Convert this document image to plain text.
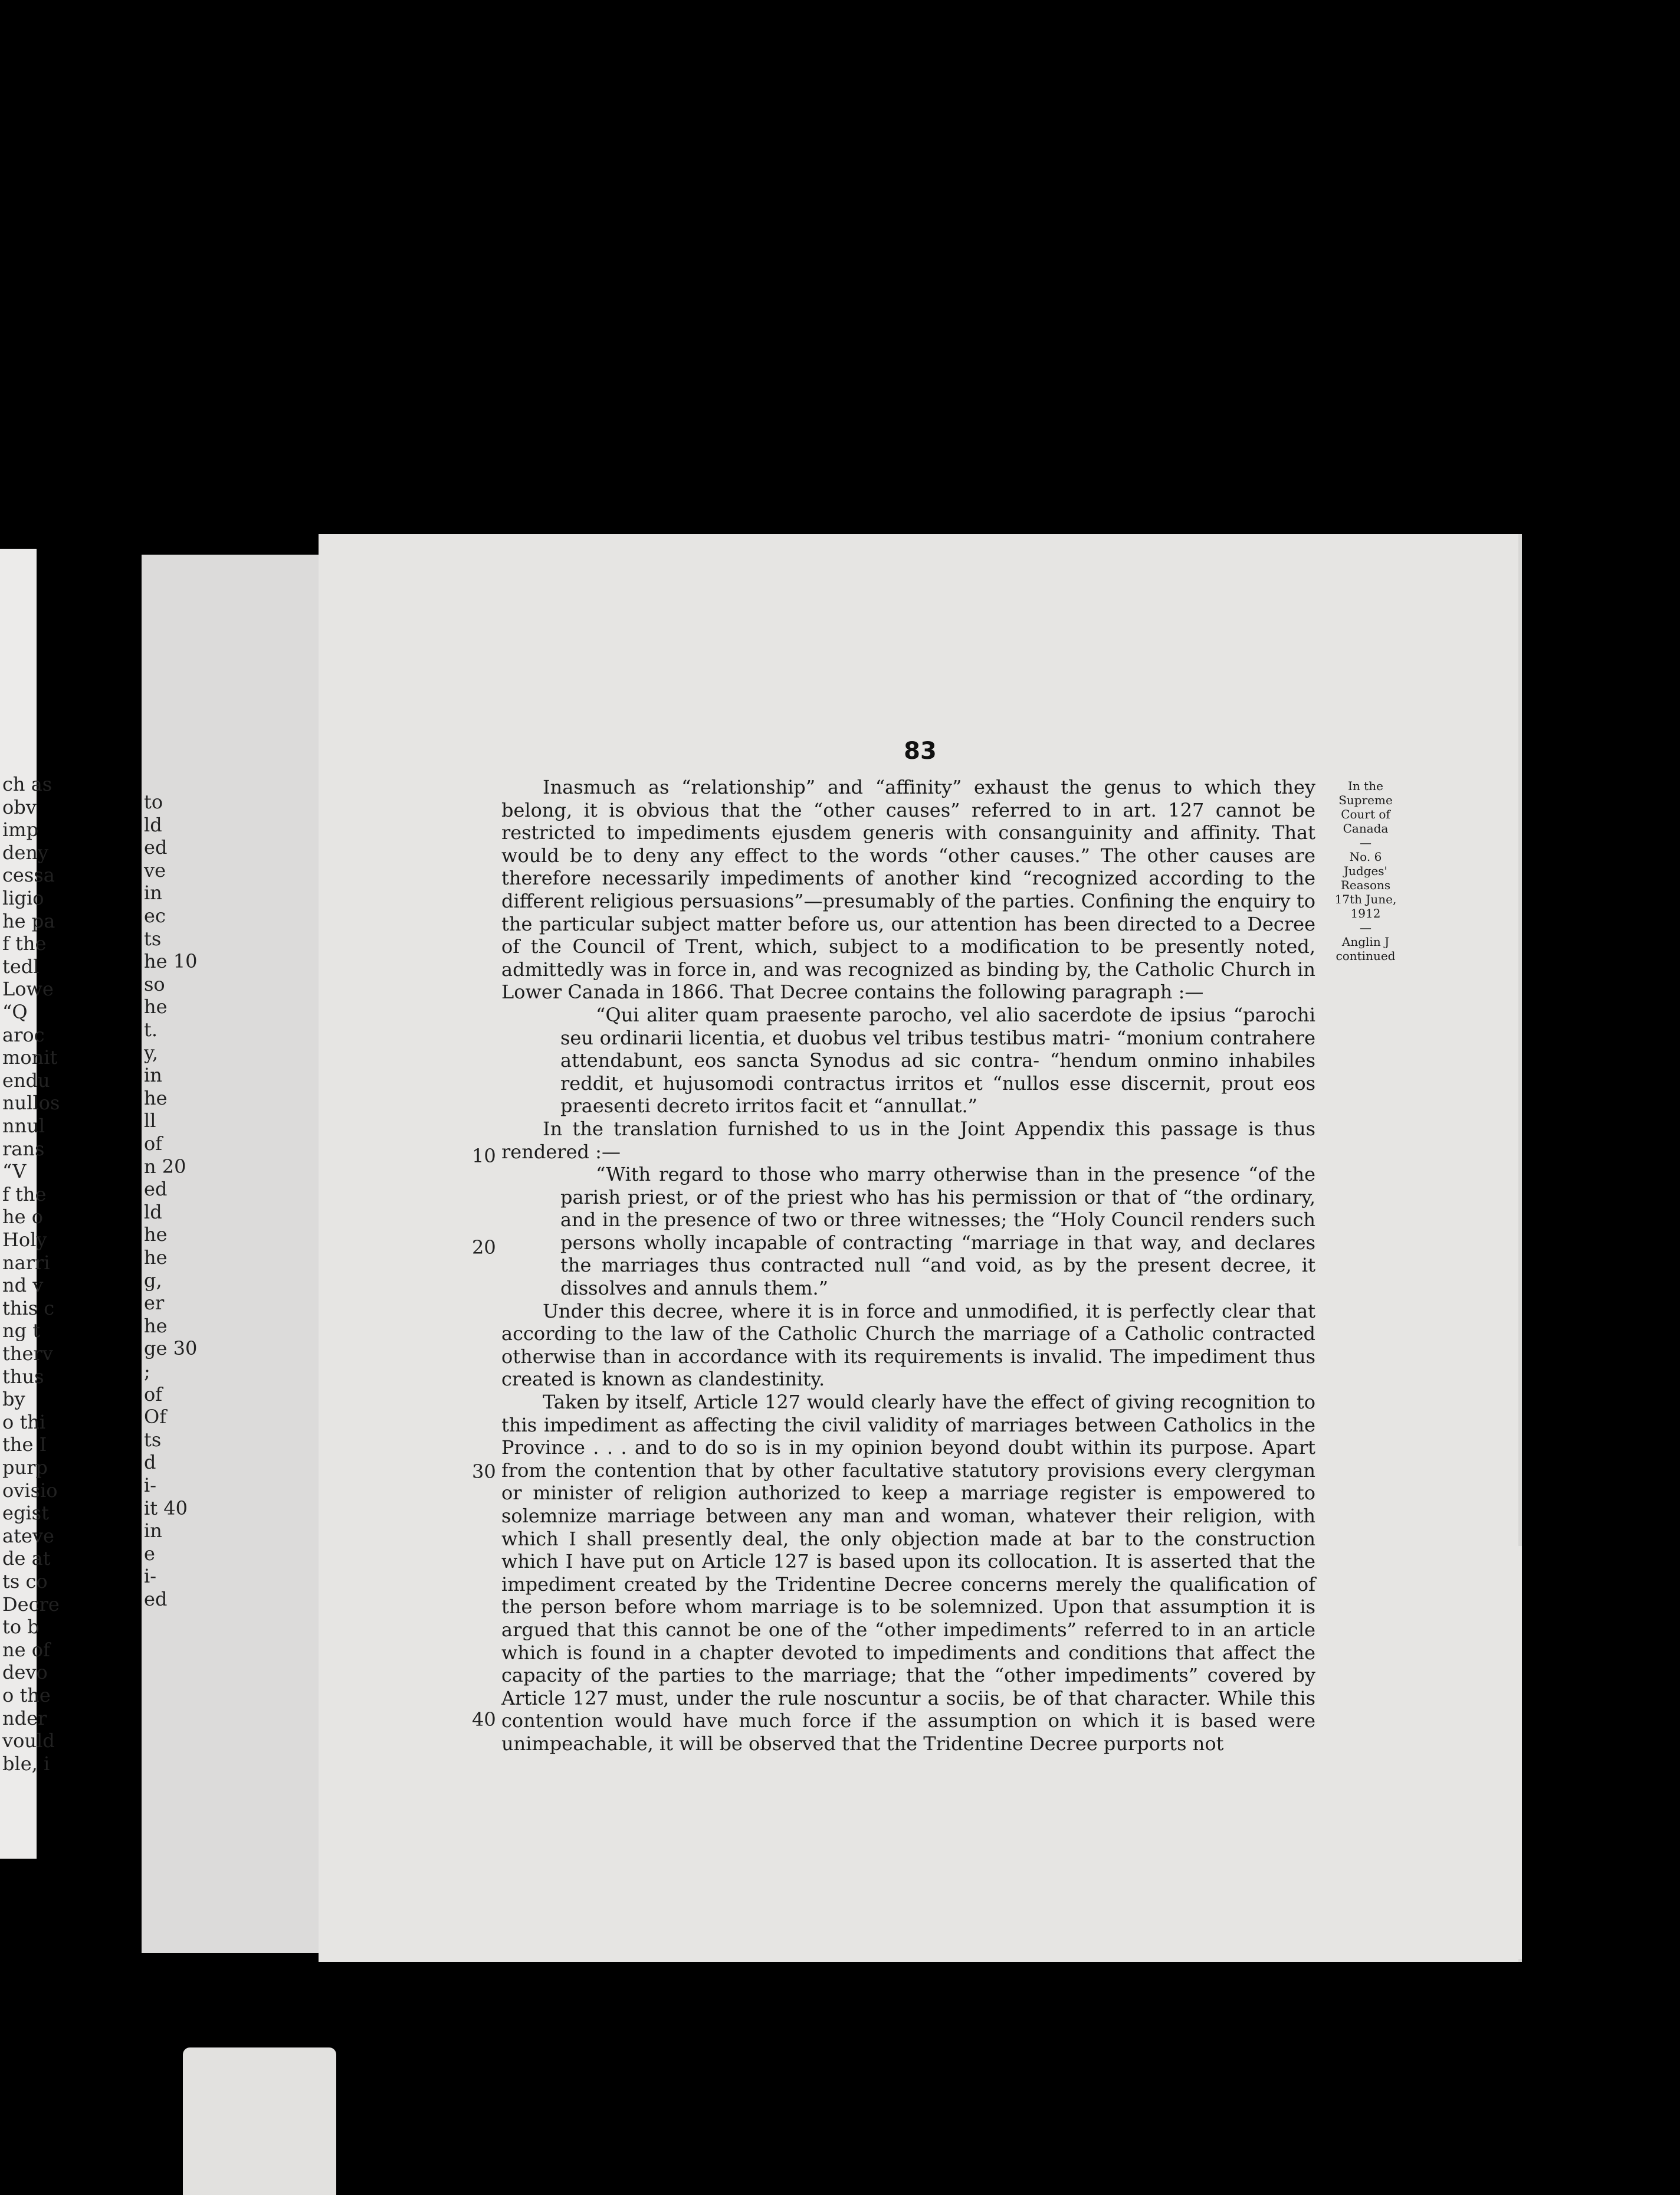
ch as
obv
imp
deny
cessa
ligio
he pa
f the
tedl
Lowe
“Q
aroc
monit
endu
nullos
nnul
rans
“V
f the
he o
Holy
narri
nd v
this c
ng t
therv
thus
by
o thi
the I
purp
ovisio
egist
ateve
de at
ts co
Decre
to b
ne of
devo
o the
nder
vould
ble, i
to
ld
ed
ve
in
ec
ts
he 10
so
he
t.
y,
in
he
ll
of
n 20
ed
ld
he
he
g,
er
he
ge 30
;
of
Of
ts
d
i-
it 40
in
e
i-
ed
83
In the Supreme Court of Canada
—
No. 6
Judges' Reasons
17th June, 1912
—
Anglin J
continued
10
20
30
40

Inasmuch as “relationship” and “affinity” exhaust the genus to which they belong, it is obvious that the “other causes” referred to in art. 127 cannot be restricted to impediments ejusdem generis with consanguinity and affinity. That would be to deny any effect to the words “other causes.” The other causes are therefore necessarily impediments of another kind “recognized according to the different religious persuasions”—presumably of the parties. Confining the enquiry to the particular subject matter before us, our attention has been directed to a Decree of the Council of Trent, which, subject to a modification to be presently noted, admittedly was in force in, and was recognized as binding by, the Catholic Church in Lower Canada in 1866. That Decree contains the following paragraph :—

“Qui aliter quam praesente parocho, vel alio sacerdote de ipsius “parochi seu ordinarii licentia, et duobus vel tribus testibus matri- “monium contrahere attendabunt, eos sancta Synodus ad sic contra- “hendum onmino inhabiles reddit, et hujusomodi contractus irritos et “nullos esse discernit, prout eos praesenti decreto irritos facit et “annullat.”

In the translation furnished to us in the Joint Appendix this passage is thus rendered :—

“With regard to those who marry otherwise than in the presence “of the parish priest, or of the priest who has his permission or that of “the ordinary, and in the presence of two or three witnesses; the “Holy Council renders such persons wholly incapable of contracting “marriage in that way, and declares the marriages thus contracted null “and void, as by the present decree, it dissolves and annuls them.”

Under this decree, where it is in force and unmodified, it is perfectly clear that according to the law of the Catholic Church the marriage of a Catholic contracted otherwise than in accordance with its requirements is invalid. The impediment thus created is known as clandestinity.

Taken by itself, Article 127 would clearly have the effect of giving recognition to this impediment as affecting the civil validity of marriages between Catholics in the Province . . . and to do so is in my opinion beyond doubt within its purpose. Apart from the contention that by other facultative statutory provisions every clergyman or minister of religion authorized to keep a marriage register is empowered to solemnize marriage between any man and woman, whatever their religion, with which I shall presently deal, the only objection made at bar to the construction which I have put on Article 127 is based upon its collocation. It is asserted that the impediment created by the Tridentine Decree concerns merely the qualification of the person before whom marriage is to be solemnized. Upon that assumption it is argued that this cannot be one of the “other impediments” referred to in an article which is found in a chapter devoted to impediments and conditions that affect the capacity of the parties to the marriage; that the “other impediments” covered by Article 127 must, under the rule noscuntur a sociis, be of that character. While this contention would have much force if the assumption on which it is based were unimpeachable, it will be observed that the Tridentine Decree purports not
